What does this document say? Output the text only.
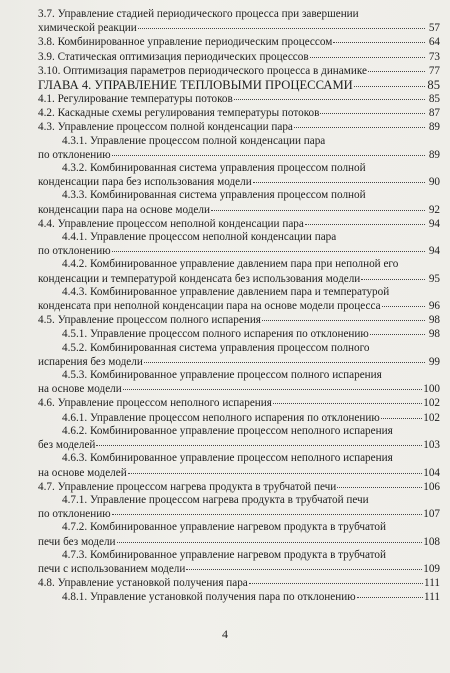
3.7. Управление стадией периодического процесса при завершении
химической реакции	57
3.8. Комбинированное управление периодическим процессом	64
3.9. Статическая оптимизация периодических процессов	73
3.10. Оптимизация параметров периодического процесса в динамике	77
ГЛАВА 4. УПРАВЛЕНИЕ ТЕПЛОВЫМИ ПРОЦЕССАМИ	85
4.1. Регулирование температуры потоков	85
4.2. Каскадные схемы регулирования температуры потоков	87
4.3. Управление процессом полной конденсации пара	89
4.3.1. Управление процессом полной конденсации пара
по отклонению	89
4.3.2. Комбинированная система управления процессом полной
конденсации пара без использования модели	90
4.3.3. Комбинированная система управления процессом полной
конденсации пара на основе модели	92
4.4. Управление процессом неполной конденсации пара	94
4.4.1. Управление процессом неполной конденсации пара
по отклонению	94
4.4.2. Комбинированное управление давлением пара при неполной его
конденсации и температурой конденсата без использования модели	95
4.4.3. Комбинированное управление давлением пара и температурой
конденсата при неполной конденсации пара на основе модели процесса	96
4.5. Управление процессом полного испарения	98
4.5.1. Управление процессом полного испарения по отклонению	98
4.5.2. Комбинированная система управления процессом полного
испарения без модели	99
4.5.3. Комбинированное управление процессом полного испарения
на основе модели	100
4.6. Управление процессом неполного испарения	102
4.6.1. Управление процессом неполного испарения по отклонению	102
4.6.2. Комбинированное управление процессом неполного испарения
без моделей	103
4.6.3. Комбинированное управление процессом неполного испарения
на основе моделей	104
4.7. Управление процессом нагрева продукта в трубчатой печи	106
4.7.1. Управление процессом нагрева продукта в трубчатой печи
по отклонению	107
4.7.2. Комбинированное управление нагревом продукта в трубчатой
печи без модели	108
4.7.3. Комбинированное управление нагревом продукта в трубчатой
печи с использованием модели	109
4.8. Управление установкой получения пара	111
4.8.1. Управление установкой получения пара по отклонению	111
4
